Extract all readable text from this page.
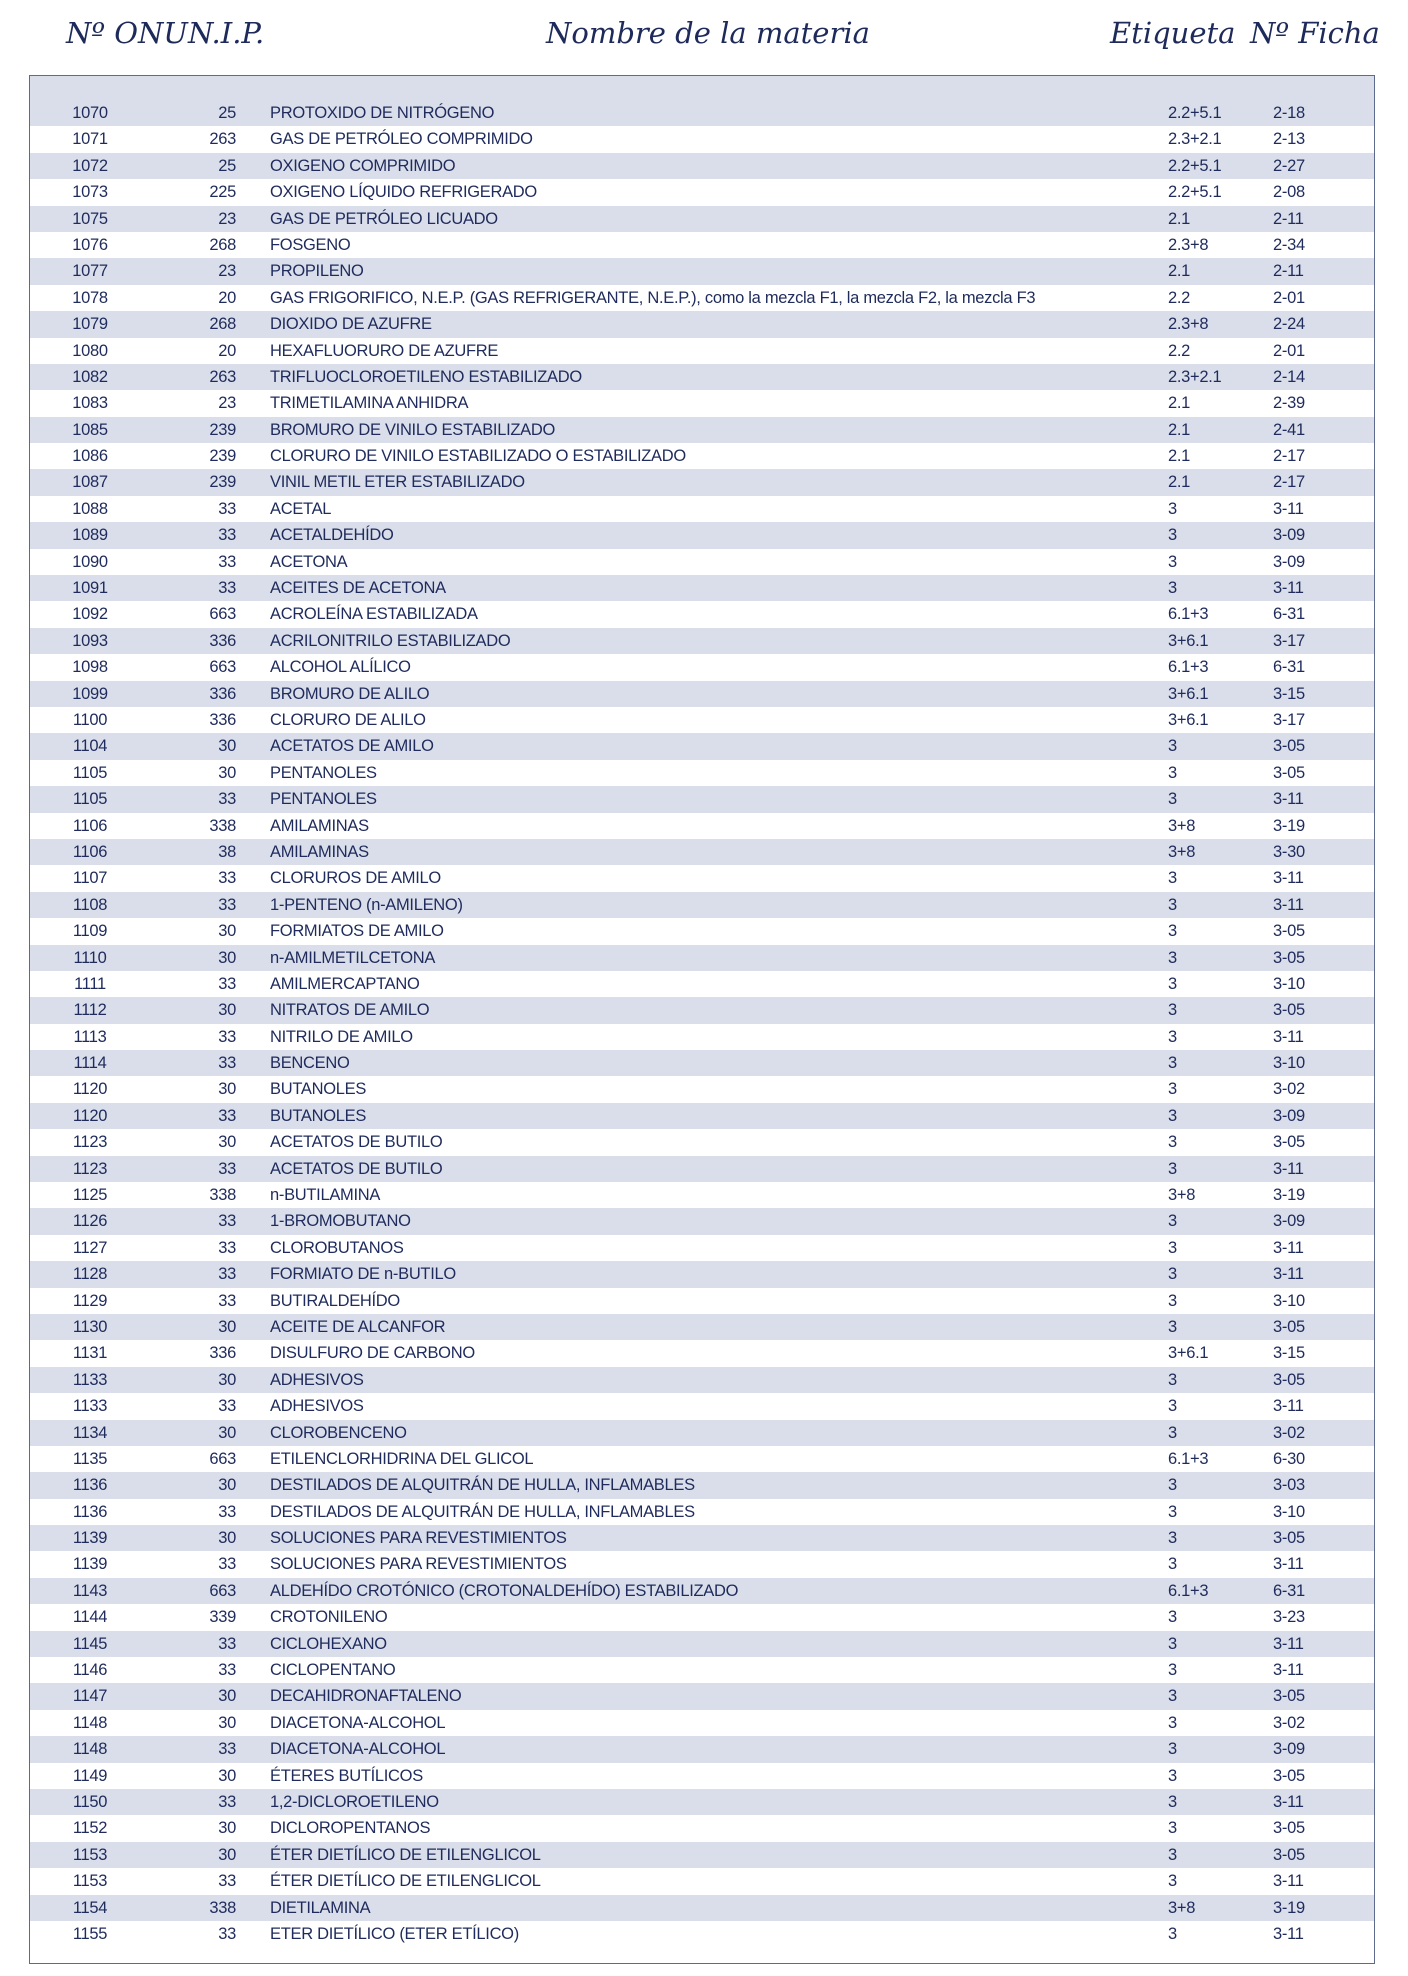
Nº ONU N.I.P.	Nombre de la materia	Etiqueta Nº Ficha
1070	25 PROTOXIDO DE NITRÓGENO	2.2+5.1	2-18
1071	263 GAS DE PETRÓLEO COMPRIMIDO	2.3+2.1	2-13
1072	25 OXIGENO COMPRIMIDO	2.2+5.1	2-27
1073	225 OXIGENO LÍQUIDO REFRIGERADO	2.2+5.1	2-08
1075	23 GAS DE PETRÓLEO LICUADO	2.1	2-11
1076	268 FOSGENO	2.3+8	2-34
1077	23 PROPILENO	2.1	2-11
1078	20 GAS FRIGORIFICO, N.E.P. (GAS REFRIGERANTE, N.E.P.), como la mezcla F1, la mezcla F2, la mezcla F3	2.2	2-01
1079	268 DIOXIDO DE AZUFRE	2.3+8	2-24
1080	20 HEXAFLUORURO DE AZUFRE	2.2	2-01
1082	263 TRIFLUOCLOROETILENO ESTABILIZADO	2.3+2.1	2-14
1083	23 TRIMETILAMINA ANHIDRA	2.1	2-39
1085	239 BROMURO DE VINILO ESTABILIZADO	2.1	2-41
1086	239 CLORURO DE VINILO ESTABILIZADO O ESTABILIZADO	2.1	2-17
1087	239 VINIL METIL ETER ESTABILIZADO	2.1	2-17
1088	33 ACETAL	3	3-11
1089	33 ACETALDEHÍDO	3	3-09
1090	33 ACETONA	3	3-09
1091	33 ACEITES DE ACETONA	3	3-11
1092	663 ACROLEÍNA ESTABILIZADA	6.1+3	6-31
1093	336 ACRILONITRILO ESTABILIZADO	3+6.1	3-17
1098	663 ALCOHOL ALÍLICO	6.1+3	6-31
1099	336 BROMURO DE ALILO	3+6.1	3-15
1100	336 CLORURO DE ALILO	3+6.1	3-17
1104	30 ACETATOS DE AMILO	3	3-05
1105	30 PENTANOLES	3	3-05
1105	33 PENTANOLES	3	3-11
1106	338 AMILAMINAS	3+8	3-19
1106	38 AMILAMINAS	3+8	3-30
1107	33 CLORUROS DE AMILO	3	3-11
1108	33 1-PENTENO (n-AMILENO)	3	3-11
1109	30 FORMIATOS DE AMILO	3	3-05
1110	30 n-AMILMETILCETONA	3	3-05
1111	33 AMILMERCAPTANO	3	3-10
1112	30 NITRATOS DE AMILO	3	3-05
1113	33 NITRILO DE AMILO	3	3-11
1114	33 BENCENO	3	3-10
1120	30 BUTANOLES	3	3-02
1120	33 BUTANOLES	3	3-09
1123	30 ACETATOS DE BUTILO	3	3-05
1123	33 ACETATOS DE BUTILO	3	3-11
1125	338 n-BUTILAMINA	3+8	3-19
1126	33 1-BROMOBUTANO	3	3-09
1127	33 CLOROBUTANOS	3	3-11
1128	33 FORMIATO DE n-BUTILO	3	3-11
1129	33 BUTIRALDEHÍDO	3	3-10
1130	30 ACEITE DE ALCANFOR	3	3-05
1131	336 DISULFURO DE CARBONO	3+6.1	3-15
1133	30 ADHESIVOS	3	3-05
1133	33 ADHESIVOS	3	3-11
1134	30 CLOROBENCENO	3	3-02
1135	663 ETILENCLORHIDRINA DEL GLICOL	6.1+3	6-30
1136	30 DESTILADOS DE ALQUITRÁN DE HULLA, INFLAMABLES	3	3-03
1136	33 DESTILADOS DE ALQUITRÁN DE HULLA, INFLAMABLES	3	3-10
1139	30 SOLUCIONES PARA REVESTIMIENTOS	3	3-05
1139	33 SOLUCIONES PARA REVESTIMIENTOS	3	3-11
1143	663 ALDEHÍDO CROTÓNICO (CROTONALDEHÍDO) ESTABILIZADO	6.1+3	6-31
1144	339 CROTONILENO	3	3-23
1145	33 CICLOHEXANO	3	3-11
1146	33 CICLOPENTANO	3	3-11
1147	30 DECAHIDRONAFTALENO	3	3-05
1148	30 DIACETONA-ALCOHOL	3	3-02
1148	33 DIACETONA-ALCOHOL	3	3-09
1149	30 ÉTERES BUTÍLICOS	3	3-05
1150	33 1,2-DICLOROETILENO	3	3-11
1152	30 DICLOROPENTANOS	3	3-05
1153	30 ÉTER DIETÍLICO DE ETILENGLICOL	3	3-05
1153	33 ÉTER DIETÍLICO DE ETILENGLICOL	3	3-11
1154	338 DIETILAMINA	3+8	3-19
1155	33 ETER DIETÍLICO (ETER ETÍLICO)	3	3-11
